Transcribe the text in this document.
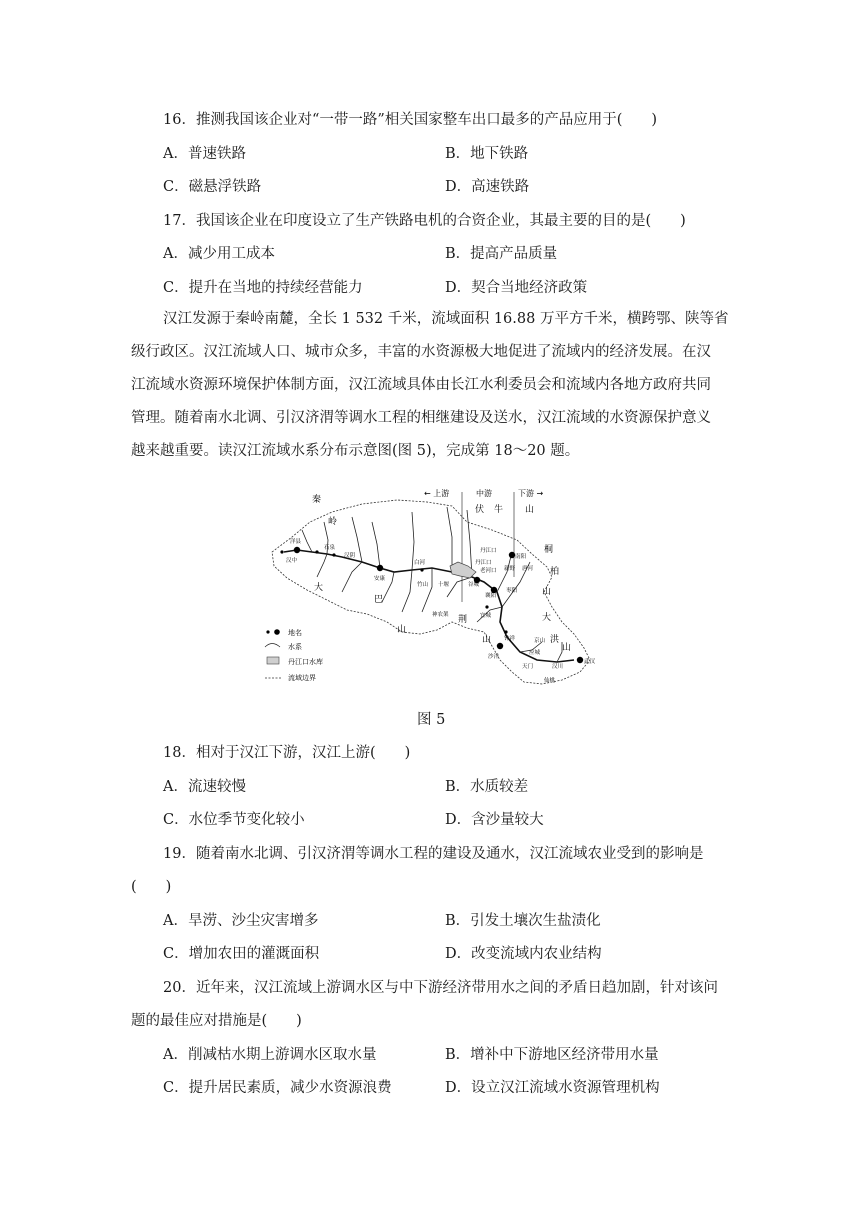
16．推测我国该企业对“一带一路”相关国家整车出口最多的产品应用于(　　)
A．普速铁路	B．地下铁路
C．磁悬浮铁路	D．高速铁路
17．我国该企业在印度设立了生产铁路电机的合资企业，其最主要的目的是(　　)
A．减少用工成本	B．提高产品质量
C．提升在当地的持续经营能力	D．契合当地经济政策
汉江发源于秦岭南麓，全长 1 532 千米，流域面积 16.88 万平方千米，横跨鄂、陕等省
级行政区。汉江流域人口、城市众多，丰富的水资源极大地促进了流域内的经济发展。在汉
江流域水资源环境保护体制方面，汉江流域具体由长江水利委员会和流域内各地方政府共同
管理。随着南水北调、引汉济渭等调水工程的相继建设及送水，汉江流域的水资源保护意义
越来越重要。读汉江流域水系分布示意图(图 5)，完成第 18～20 题。
← 上游	中游	下游 →
秦
岭
大
巴
山
伏 牛 山
桐
柏
山
大
洪
山
荆
山
洋县
汉中
石泉
汉阴
安康
白河
竹山 十堰
神农架
丹江口
老河口
丹江口
襄阳
南阳
新野 唐河
枣阳
谷城
宜城
钟祥	京山
应城
天门	汉川
武汉
仙桃
沙洋
地名
水系
丹江口水库
流域边界
图 5
18．相对于汉江下游，汉江上游(　　)
A．流速较慢	B．水质较差
C．水位季节变化较小	D．含沙量较大
19．随着南水北调、引汉济渭等调水工程的建设及通水，汉江流域农业受到的影响是
(　　)
A．旱涝、沙尘灾害增多	B．引发土壤次生盐渍化
C．增加农田的灌溉面积	D．改变流域内农业结构
20．近年来，汉江流域上游调水区与中下游经济带用水之间的矛盾日趋加剧，针对该问
题的最佳应对措施是(　　)
A．削减枯水期上游调水区取水量	B．增补中下游地区经济带用水量
C．提升居民素质，减少水资源浪费	D．设立汉江流域水资源管理机构
